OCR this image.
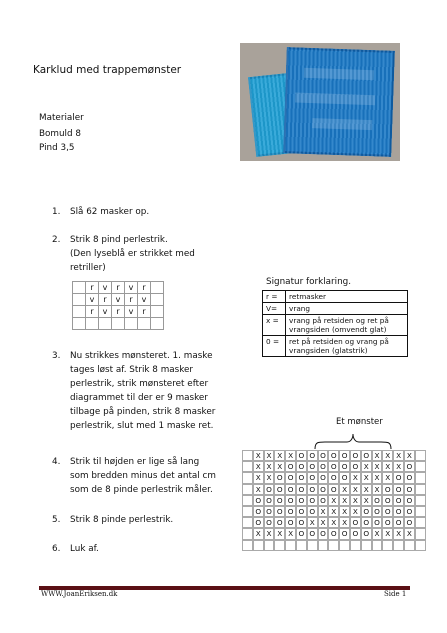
Karklud med trappemønster
Materialer
Bomuld 8
Pind 3,5
1.	Slå 62 masker op.
2.	Strik 8 pind perlestrik.
(Den lyseblå er strikket med
retriller)
	r	v	r	v	r	
	v	r	v	r	v	
	r	v	r	v	r	

Signatur forklaring.
r =	retmasker
V=	vrang
x =	vrang på retsiden og ret på vrangsiden (omvendt glat)
0 =	ret på retsiden og vrang på vrangsiden (glatstrik)
3.	Nu strikkes mønsteret. 1. maske
tages løst af. Strik 8 masker
perlestrik, strik mønsteret efter
diagrammet til der er 9 masker
tilbage på pinden, strik 8 masker
perlestrik, slut med 1 maske ret.
4.	Strik til højden er lige så lang
som bredden minus det antal cm
som de 8 pinde perlestrik måler.
5.	Strik 8 pinde perlestrik.
6.	Luk af.
Et mønster
X X X X O O O O O O O X X X X
X X X O O O O O O O X X X X O
X X O O O O O O O X X X X O O
X O O O O O O O X X X X O O O
O O O O O O O X X X X O O O O
O O O O O O X X X X O O O O O
O O O O O X X X X O O O O O O
X X X X O O O O O O O X X X X
WWW.JoanEriksen.dk	Side 1
